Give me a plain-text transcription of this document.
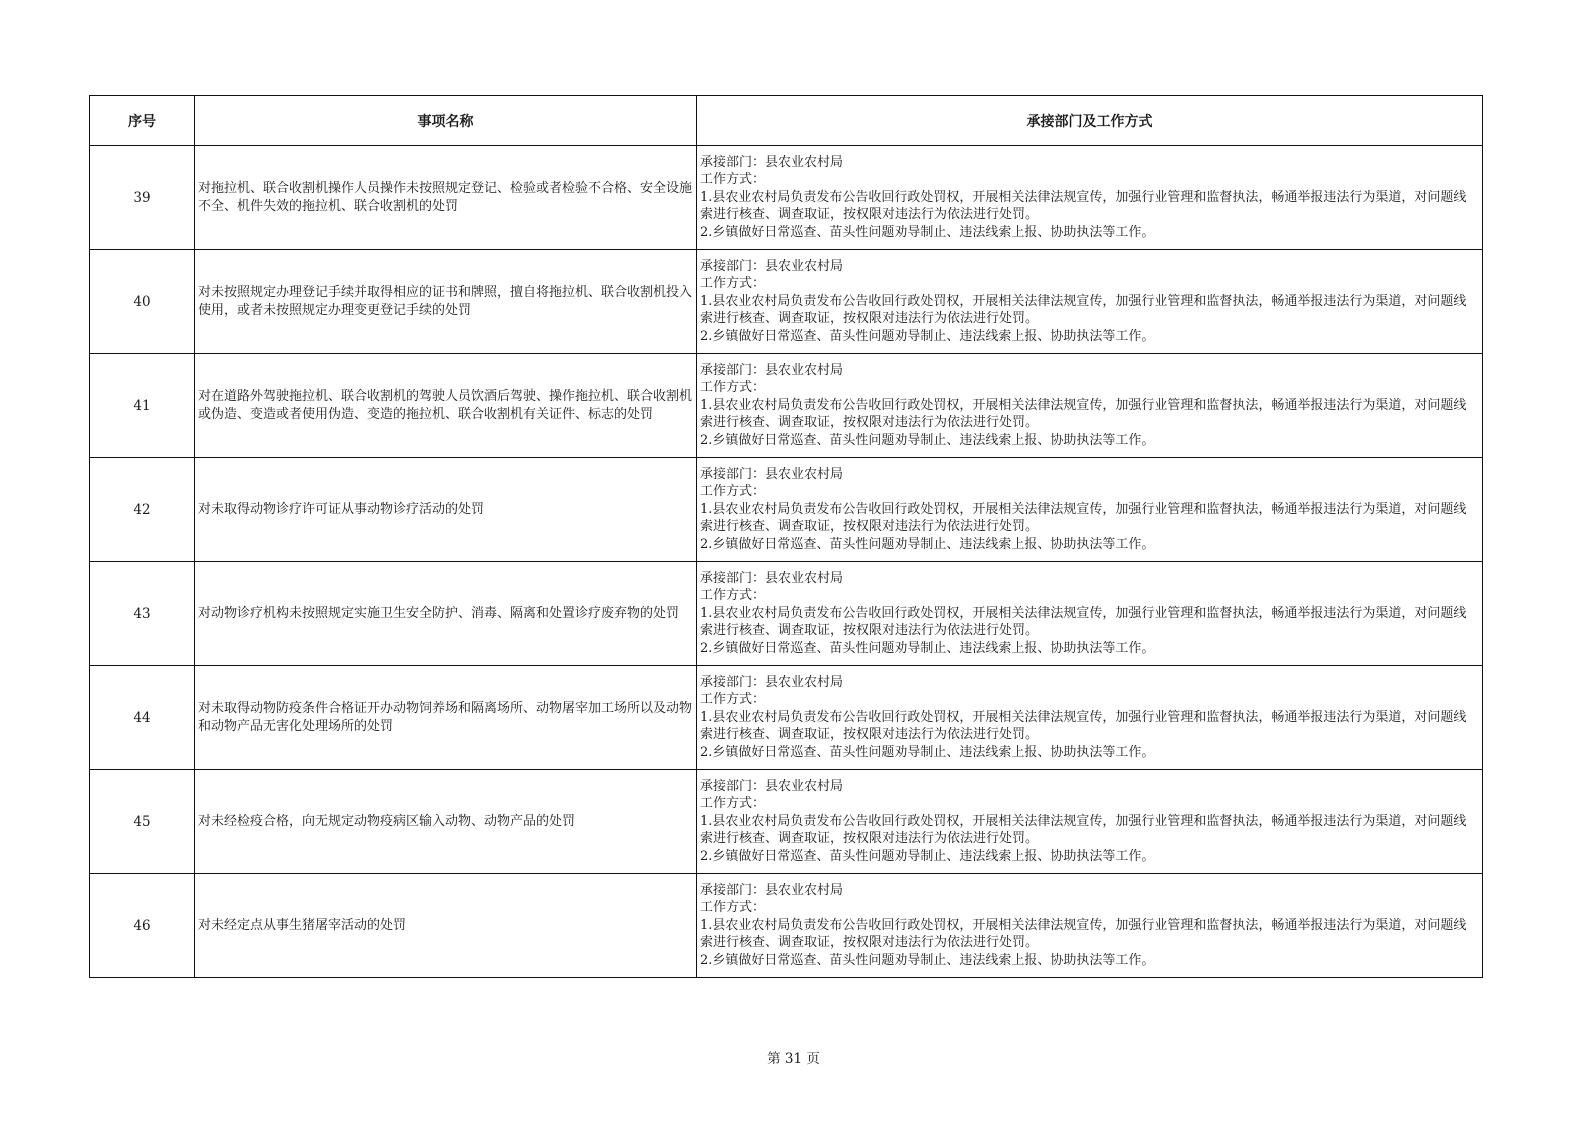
序号	事项名称	承接部门及工作方式
39	对拖拉机、联合收割机操作人员操作未按照规定登记、检验或者检验不合格、安全设施不全、机件失效的拖拉机、联合收割机的处罚	承接部门：县农业农村局
工作方式：
1.县农业农村局负责发布公告收回行政处罚权，开展相关法律法规宣传，加强行业管理和监督执法，畅通举报违法行为渠道，对问题线索进行核查、调查取证，按权限对违法行为依法进行处罚。
2.乡镇做好日常巡查、苗头性问题劝导制止、违法线索上报、协助执法等工作。

40	对未按照规定办理登记手续并取得相应的证书和牌照，擅自将拖拉机、联合收割机投入使用，或者未按照规定办理变更登记手续的处罚	承接部门：县农业农村局
工作方式：
1.县农业农村局负责发布公告收回行政处罚权，开展相关法律法规宣传，加强行业管理和监督执法，畅通举报违法行为渠道，对问题线索进行核查、调查取证，按权限对违法行为依法进行处罚。
2.乡镇做好日常巡查、苗头性问题劝导制止、违法线索上报、协助执法等工作。

41	对在道路外驾驶拖拉机、联合收割机的驾驶人员饮酒后驾驶、操作拖拉机、联合收割机或伪造、变造或者使用伪造、变造的拖拉机、联合收割机有关证件、标志的处罚	承接部门：县农业农村局
工作方式：
1.县农业农村局负责发布公告收回行政处罚权，开展相关法律法规宣传，加强行业管理和监督执法，畅通举报违法行为渠道，对问题线索进行核查、调查取证，按权限对违法行为依法进行处罚。
2.乡镇做好日常巡查、苗头性问题劝导制止、违法线索上报、协助执法等工作。

42	对未取得动物诊疗许可证从事动物诊疗活动的处罚	承接部门：县农业农村局
工作方式：
1.县农业农村局负责发布公告收回行政处罚权，开展相关法律法规宣传，加强行业管理和监督执法，畅通举报违法行为渠道，对问题线索进行核查、调查取证，按权限对违法行为依法进行处罚。
2.乡镇做好日常巡查、苗头性问题劝导制止、违法线索上报、协助执法等工作。

43	对动物诊疗机构未按照规定实施卫生安全防护、消毒、隔离和处置诊疗废弃物的处罚	承接部门：县农业农村局
工作方式：
1.县农业农村局负责发布公告收回行政处罚权，开展相关法律法规宣传，加强行业管理和监督执法，畅通举报违法行为渠道，对问题线索进行核查、调查取证，按权限对违法行为依法进行处罚。
2.乡镇做好日常巡查、苗头性问题劝导制止、违法线索上报、协助执法等工作。

44	对未取得动物防疫条件合格证开办动物饲养场和隔离场所、动物屠宰加工场所以及动物和动物产品无害化处理场所的处罚	承接部门：县农业农村局
工作方式：
1.县农业农村局负责发布公告收回行政处罚权，开展相关法律法规宣传，加强行业管理和监督执法，畅通举报违法行为渠道，对问题线索进行核查、调查取证，按权限对违法行为依法进行处罚。
2.乡镇做好日常巡查、苗头性问题劝导制止、违法线索上报、协助执法等工作。

45	对未经检疫合格，向无规定动物疫病区输入动物、动物产品的处罚	承接部门：县农业农村局
工作方式：
1.县农业农村局负责发布公告收回行政处罚权，开展相关法律法规宣传，加强行业管理和监督执法，畅通举报违法行为渠道，对问题线索进行核查、调查取证，按权限对违法行为依法进行处罚。
2.乡镇做好日常巡查、苗头性问题劝导制止、违法线索上报、协助执法等工作。

46	对未经定点从事生猪屠宰活动的处罚	承接部门：县农业农村局
工作方式：
1.县农业农村局负责发布公告收回行政处罚权，开展相关法律法规宣传，加强行业管理和监督执法，畅通举报违法行为渠道，对问题线索进行核查、调查取证，按权限对违法行为依法进行处罚。
2.乡镇做好日常巡查、苗头性问题劝导制止、违法线索上报、协助执法等工作。
第 31 页
